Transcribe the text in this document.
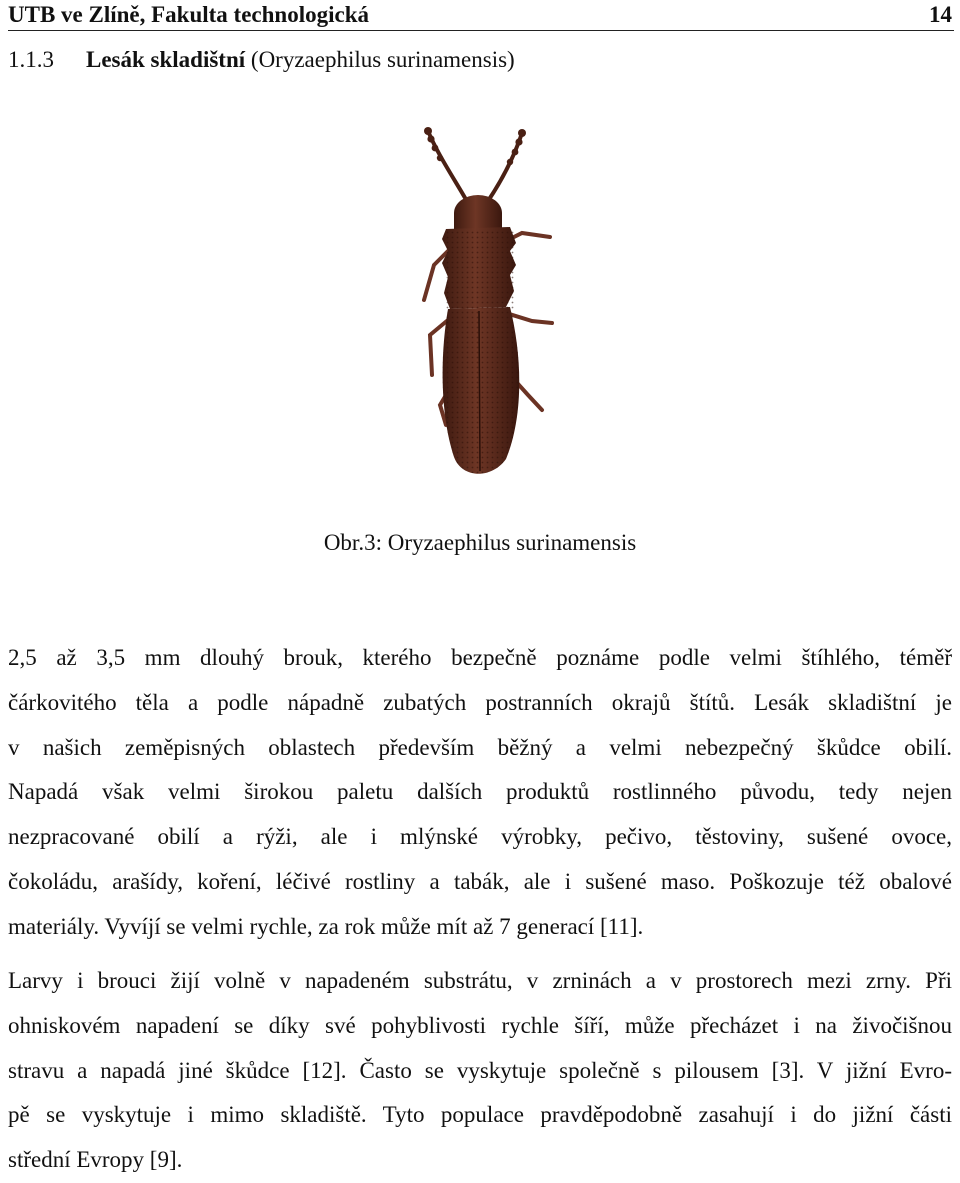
UTB ve Zlíně, Fakulta technologická	14
1.1.3 Lesák skladištní (Oryzaephilus surinamensis)
Obr.3: Oryzaephilus surinamensis
2,5 až 3,5 mm dlouhý brouk, kterého bezpečně poznáme podle velmi štíhlého, téměř
čárkovitého těla a podle nápadně zubatých postranních okrajů štítů. Lesák skladištní je
v našich zeměpisných oblastech především běžný a velmi nebezpečný škůdce obilí.
Napadá však velmi širokou paletu dalších produktů rostlinného původu, tedy nejen
nezpracované obilí a rýži, ale i mlýnské výrobky, pečivo, těstoviny, sušené ovoce,
čokoládu, arašídy, koření, léčivé rostliny a tabák, ale i sušené maso. Poškozuje též obalové
materiály. Vyvíjí se velmi rychle, za rok může mít až 7 generací [11].
Larvy i brouci žijí volně v napadeném substrátu, v zrninách a v prostorech mezi zrny. Při
ohniskovém napadení se díky své pohyblivosti rychle šíří, může přecházet i na živočišnou
stravu a napadá jiné škůdce [12]. Často se vyskytuje společně s pilousem [3]. V jižní Evro-
pě se vyskytuje i mimo skladiště. Tyto populace pravděpodobně zasahují i do jižní části
střední Evropy [9].
